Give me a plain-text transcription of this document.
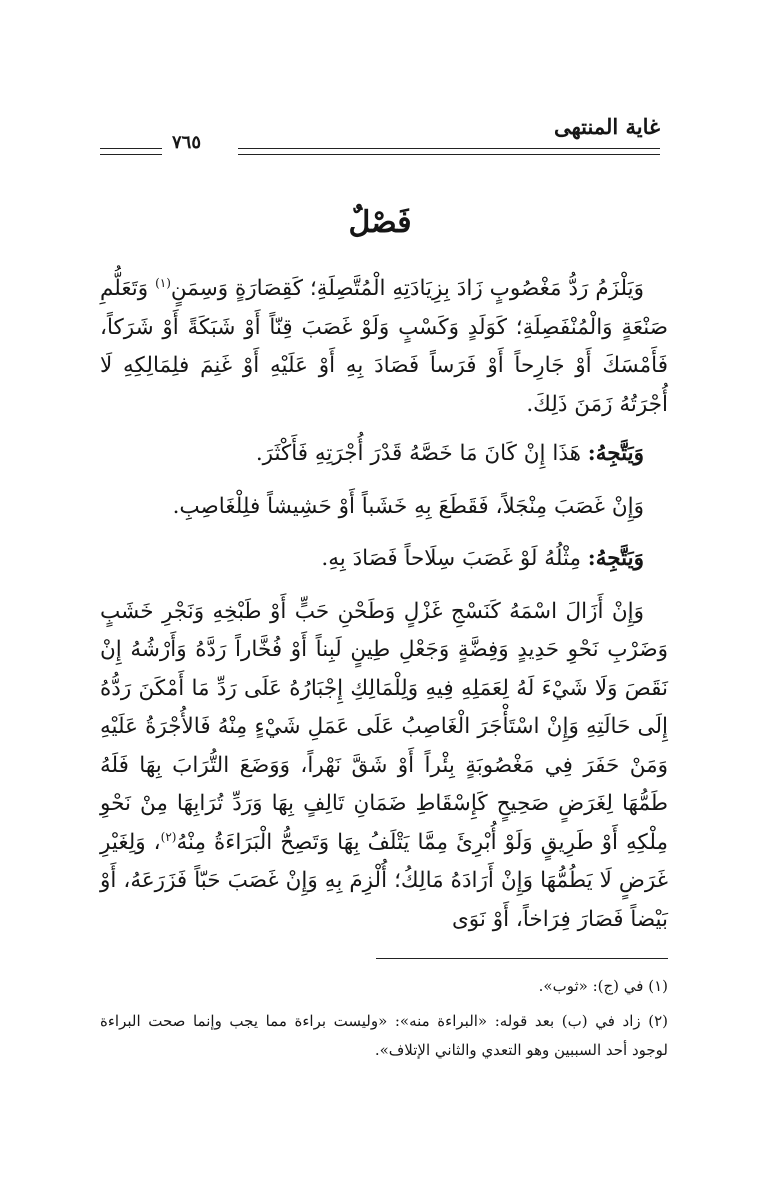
غاية المنتهى
٧٦٥
فَصْلٌ

وَيَلْزَمُ رَدُّ مَغْصُوبٍ زَادَ بِزِيَادَتِهِ الْمُتَّصِلَةِ؛ كَقِصَارَةٍ وَسِمَنٍ$^{(١)}$ وَتَعَلُّمِ صَنْعَةٍ وَالْمُنْفَصِلَةِ؛ كَوَلَدٍ وَكَسْبٍ وَلَوْ غَصَبَ قِنّاً أَوْ شَبَكَةً أَوْ شَرَكاً، فَأَمْسَكَ أَوْ جَارِحاً أَوْ فَرَساً فَصَادَ بِهِ أَوْ عَلَيْهِ أَوْ غَنِمَ فلِمَالِكِهِ لَا أُجْرَتُهُ زَمَنَ ذَلِكَ.

وَيَتَّجِهُ: هَذَا إِنْ كَانَ مَا خَصَّهُ قَدْرَ أُجْرَتِهِ فَأَكْثَرَ.

وَإِنْ غَصَبَ مِنْجَلاً، فَقَطَعَ بِهِ خَشَباً أَوْ حَشِيشاً فلِلْغَاصِبِ.

وَيَتَّجِهُ: مِثْلُهُ لَوْ غَصَبَ سِلَاحاً فَصَادَ بِهِ.

وَإِنْ أَزَالَ اسْمَهُ كَنَسْجِ غَزْلٍ وَطَحْنِ حَبٍّ أَوْ طَبْخِهِ وَنَجْرِ خَشَبٍ وَضَرْبِ نَحْوِ حَدِيدٍ وَفِضَّةٍ وَجَعْلِ طِينٍ لَبِناً أَوْ فُخَّاراً رَدَّهُ وَأَرْشُهُ إِنْ نَقَصَ وَلَا شَيْءَ لَهُ لِعَمَلِهِ فِيهِ وَلِلْمَالِكِ إِجْبَارُهُ عَلَى رَدِّ مَا أَمْكَنَ رَدُّهُ إِلَى حَالَتِهِ وَإِنْ اسْتَأْجَرَ الْغَاصِبُ عَلَى عَمَلِ شَيْءٍ مِنْهُ فَالأُجْرَةُ عَلَيْهِ وَمَنْ حَفَرَ فِي مَغْصُوبَةٍ بِئْراً أَوْ شَقَّ نَهْراً، وَوَضَعَ التُّرَابَ بِهَا فَلَهُ طَمُّهَا لِغَرَضٍ صَحِيحٍ كَإِسْقَاطِ ضَمَانِ تَالِفٍ بِهَا وَرَدِّ تُرَابِهَا مِنْ نَحْوِ مِلْكِهِ أَوْ طَرِيقٍ وَلَوْ أُبْرِئَ مِمَّا يَتْلَفُ بِهَا وَتَصِحُّ الْبَرَاءَةُ مِنْهُ$^{(٢)}$، وَلِغَيْرِ غَرَضٍ لَا يَطُمُّهَا وَإِنْ أَرَادَهُ مَالِكُ؛ أُلْزِمَ بِهِ وَإِنْ غَصَبَ حَبّاً فَزَرَعَهُ، أَوْ بَيْضاً فَصَارَ فِرَاخاً، أَوْ نَوَى

(١) في (ج): «ثوب».

(٢) زاد في (ب) بعد قوله: «البراءة منه»: «وليست براءة مما يجب وإنما صحت البراءة لوجود أحد السببين وهو التعدي والثاني الإتلاف».
